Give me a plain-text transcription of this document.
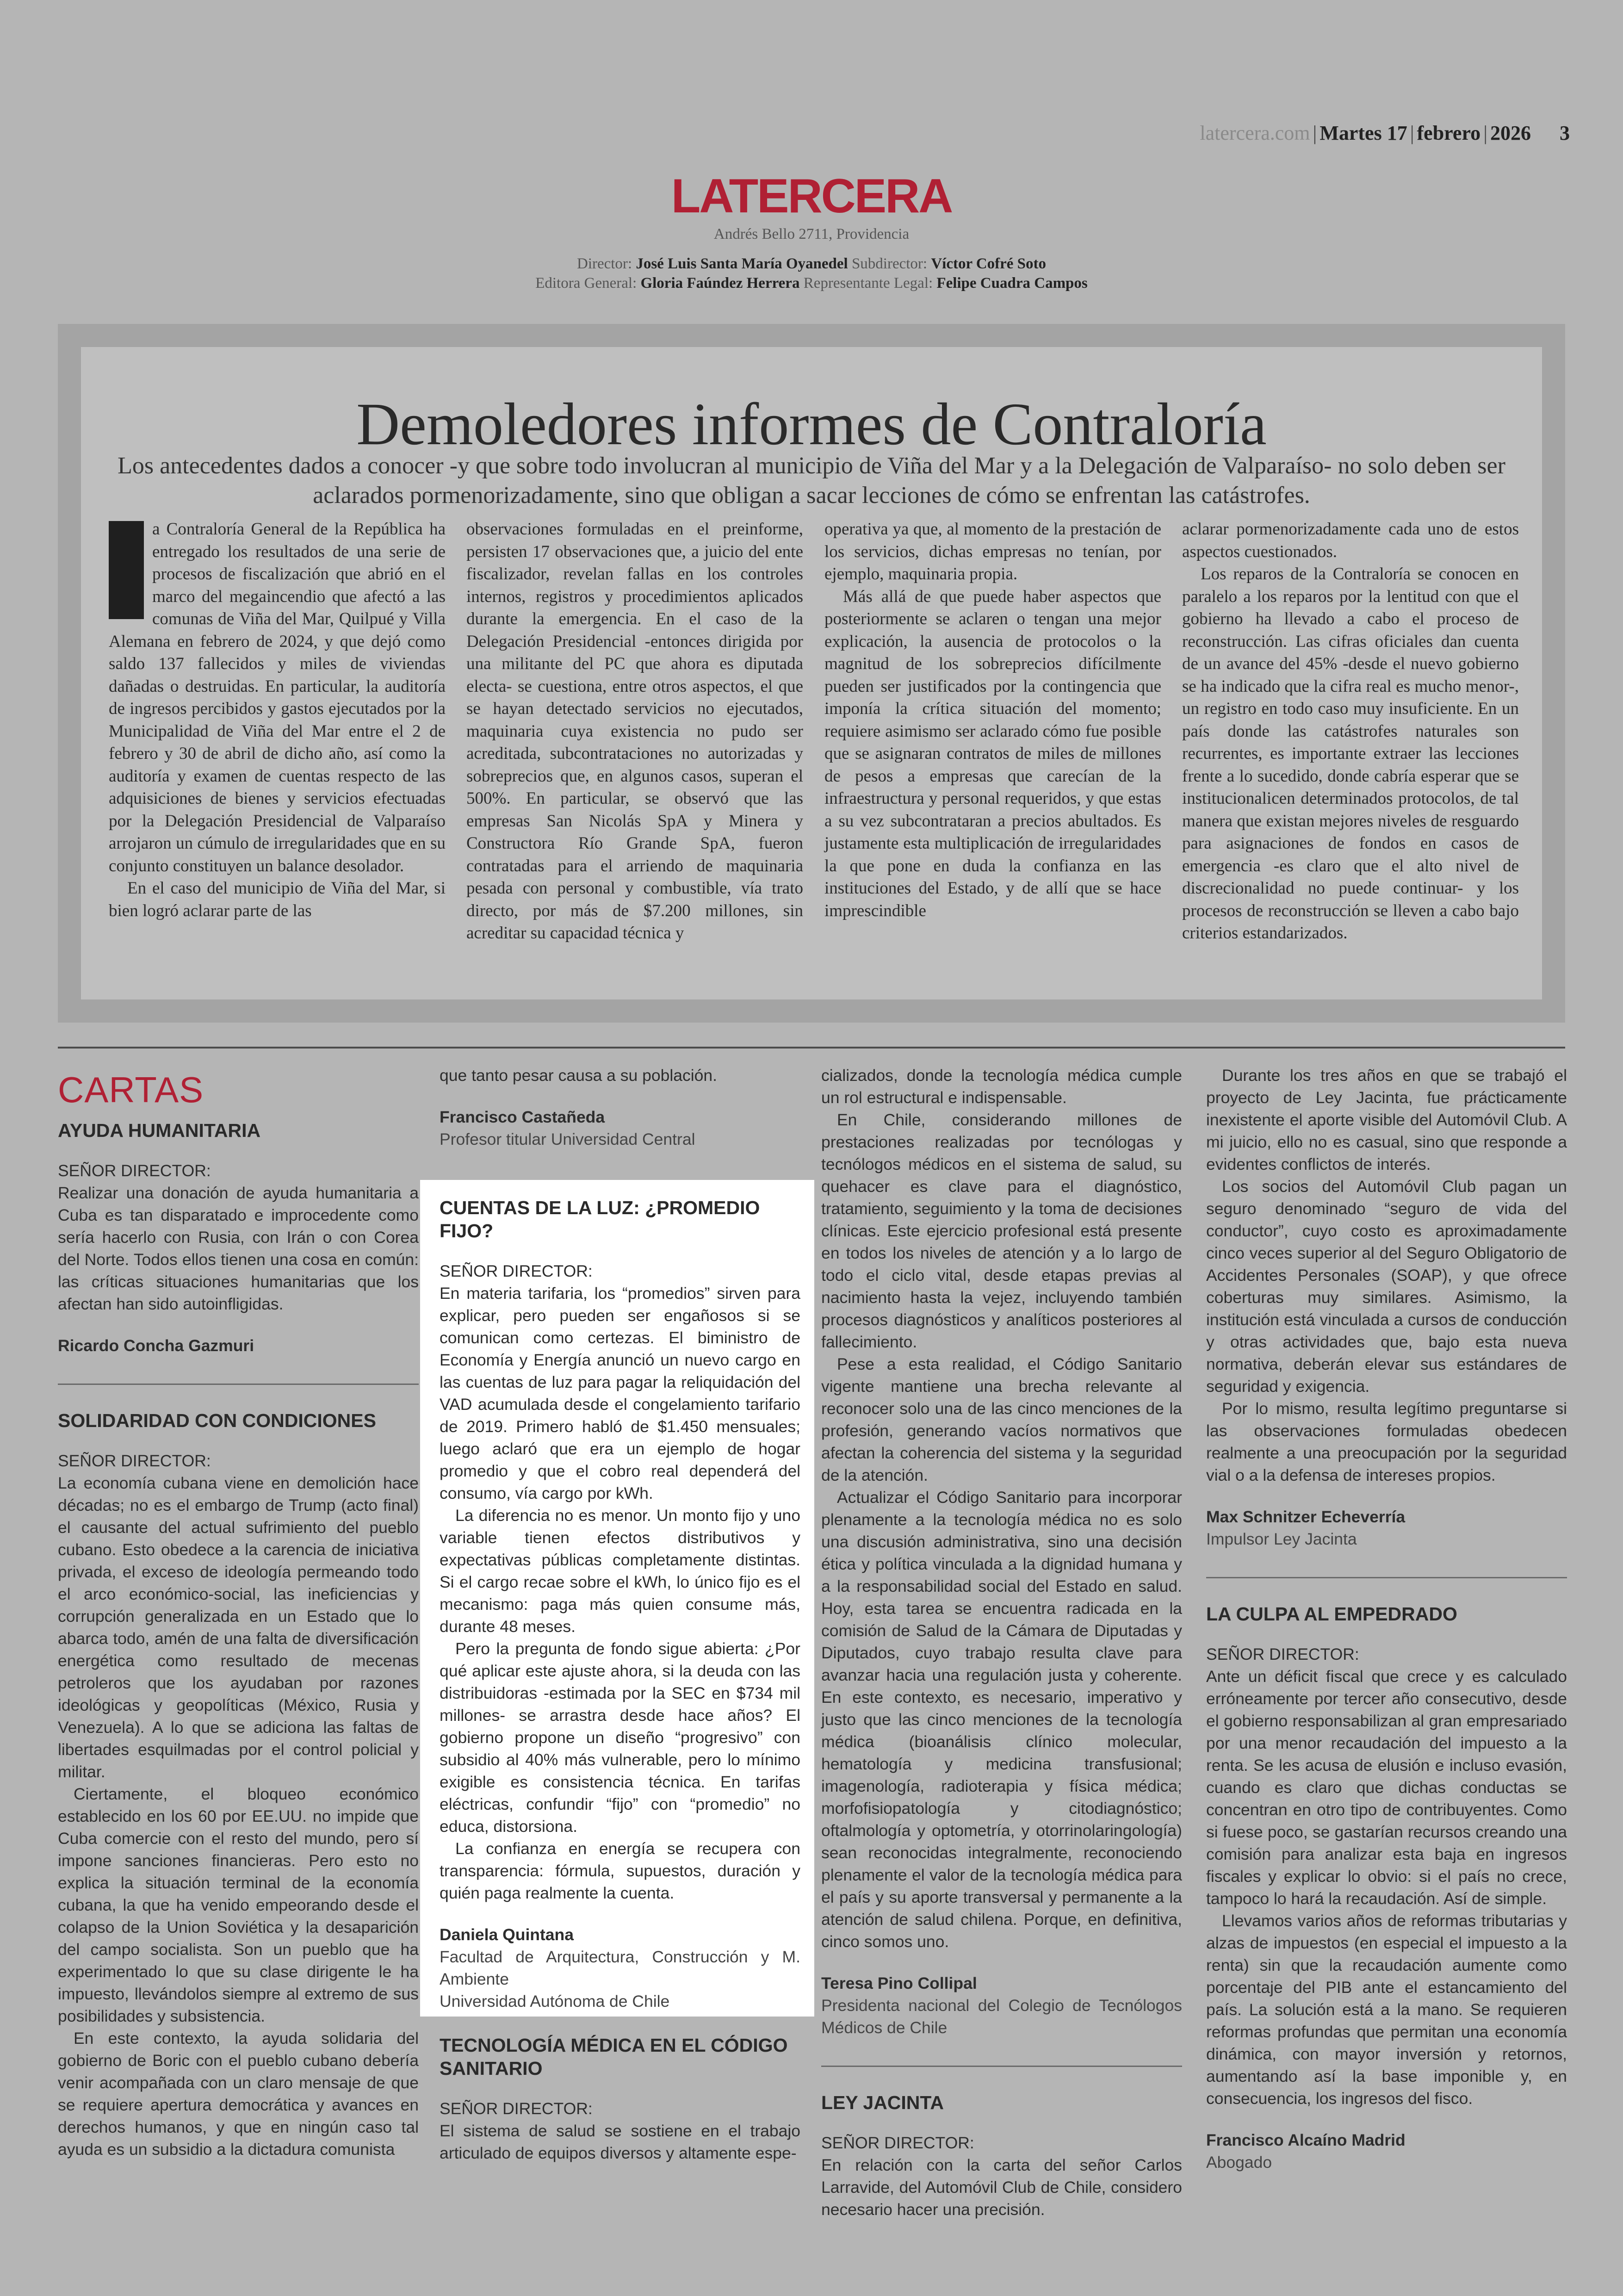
latercera.com | Martes 17 | febrero | 2026 3
LATERCERA
Andrés Bello 2711, Providencia
Director: José Luis Santa María Oyanedel Subdirector: Víctor Cofré Soto
Editora General: Gloria Faúndez Herrera Representante Legal: Felipe Cuadra Campos
Demoledores informes de Contraloría
Los antecedentes dados a conocer -y que sobre todo involucran al municipio de Viña del Mar y a la Delegación de Valparaíso- no solo deben ser aclarados pormenorizadamente, sino que obligan a sacar lecciones de cómo se enfrentan las catástrofes.

a Contraloría General de la República ha entregado los resultados de una serie de procesos de fiscalización que abrió en el marco del megaincendio que afectó a las comunas de Viña del Mar, Quilpué y Villa Alemana en febrero de 2024, y que dejó como saldo 137 fallecidos y miles de viviendas dañadas o destruidas. En particular, la auditoría de ingresos percibidos y gastos ejecutados por la Municipalidad de Viña del Mar entre el 2 de febrero y 30 de abril de dicho año, así como la auditoría y examen de cuentas respecto de las adquisiciones de bienes y servicios efectuadas por la Delegación Presidencial de Valparaíso arrojaron un cúmulo de irregularidades que en su conjunto constituyen un balance desolador.

En el caso del municipio de Viña del Mar, si bien logró aclarar parte de las

observaciones formuladas en el preinforme, persisten 17 observaciones que, a juicio del ente fiscalizador, revelan fallas en los controles internos, registros y procedimientos aplicados durante la emergencia. En el caso de la Delegación Presidencial -entonces dirigida por una militante del PC que ahora es diputada electa- se cuestiona, entre otros aspectos, el que se hayan detectado servicios no ejecutados, maquinaria cuya existencia no pudo ser acreditada, subcontrataciones no autorizadas y sobreprecios que, en algunos casos, superan el 500%. En particular, se observó que las empresas San Nicolás SpA y Minera y Constructora Río Grande SpA, fueron contratadas para el arriendo de maquinaria pesada con personal y combustible, vía trato directo, por más de $7.200 millones, sin acreditar su capacidad técnica y

operativa ya que, al momento de la prestación de los servicios, dichas empresas no tenían, por ejemplo, maquinaria propia.

Más allá de que puede haber aspectos que posteriormente se aclaren o tengan una mejor explicación, la ausencia de protocolos o la magnitud de los sobreprecios difícilmente pueden ser justificados por la contingencia que imponía la crítica situación del momento; requiere asimismo ser aclarado cómo fue posible que se asignaran contratos de miles de millones de pesos a empresas que carecían de la infraestructura y personal requeridos, y que estas a su vez subcontrataran a precios abultados. Es justamente esta multiplicación de irregularidades la que pone en duda la confianza en las instituciones del Estado, y de allí que se hace imprescindible

aclarar pormenorizadamente cada uno de estos aspectos cuestionados.

Los reparos de la Contraloría se conocen en paralelo a los reparos por la lentitud con que el gobierno ha llevado a cabo el proceso de reconstrucción. Las cifras oficiales dan cuenta de un avance del 45% -desde el nuevo gobierno se ha indicado que la cifra real es mucho menor-, un registro en todo caso muy insuficiente. En un país donde las catástrofes naturales son recurrentes, es importante extraer las lecciones frente a lo sucedido, donde cabría esperar que se institucionalicen determinados protocolos, de tal manera que existan mejores niveles de resguardo para asignaciones de fondos en casos de emergencia -es claro que el alto nivel de discrecionalidad no puede continuar- y los procesos de reconstrucción se lleven a cabo bajo criterios estandarizados.

CARTAS
AYUDA HUMANITARIA

SEÑOR DIRECTOR:

Realizar una donación de ayuda humanitaria a Cuba es tan disparatado e improcedente como sería hacerlo con Rusia, con Irán o con Corea del Norte. Todos ellos tienen una cosa en común: las críticas situaciones humanitarias que los afectan han sido autoinfligidas.

Ricardo Concha Gazmuri

SOLIDARIDAD CON CONDICIONES

SEÑOR DIRECTOR:

La economía cubana viene en demolición hace décadas; no es el embargo de Trump (acto final) el causante del actual sufrimiento del pueblo cubano. Esto obedece a la carencia de iniciativa privada, el exceso de ideología permeando todo el arco económico-social, las ineficiencias y corrupción generalizada en un Estado que lo abarca todo, amén de una falta de diversificación energética como resultado de mecenas petroleros que los ayudaban por razones ideológicas y geopolíticas (México, Rusia y Venezuela). A lo que se adiciona las faltas de libertades esquilmadas por el control policial y militar.

Ciertamente, el bloqueo económico establecido en los 60 por EE.UU. no impide que Cuba comercie con el resto del mundo, pero sí impone sanciones financieras. Pero esto no explica la situación terminal de la economía cubana, la que ha venido empeorando desde el colapso de la Union Soviética y la desaparición del campo socialista. Son un pueblo que ha experimentado lo que su clase dirigente le ha impuesto, llevándolos siempre al extremo de sus posibilidades y subsistencia.

En este contexto, la ayuda solidaria del gobierno de Boric con el pueblo cubano debería venir acompañada con un claro mensaje de que se requiere apertura democrática y avances en derechos humanos, y que en ningún caso tal ayuda es un subsidio a la dictadura comunista

que tanto pesar causa a su población.

Francisco Castañeda

Profesor titular Universidad Central

CUENTAS DE LA LUZ: ¿PROMEDIO FIJO?

SEÑOR DIRECTOR:

En materia tarifaria, los “promedios” sirven para explicar, pero pueden ser engañosos si se comunican como certezas. El biministro de Economía y Energía anunció un nuevo cargo en las cuentas de luz para pagar la reliquidación del VAD acumulada desde el congelamiento tarifario de 2019. Primero habló de $1.450 mensuales; luego aclaró que era un ejemplo de hogar promedio y que el cobro real dependerá del consumo, vía cargo por kWh.

La diferencia no es menor. Un monto fijo y uno variable tienen efectos distributivos y expectativas públicas completamente distintas. Si el cargo recae sobre el kWh, lo único fijo es el mecanismo: paga más quien consume más, durante 48 meses.

Pero la pregunta de fondo sigue abierta: ¿Por qué aplicar este ajuste ahora, si la deuda con las distribuidoras -estimada por la SEC en $734 mil millones- se arrastra desde hace años? El gobierno propone un diseño “progresivo” con subsidio al 40% más vulnerable, pero lo mínimo exigible es consistencia técnica. En tarifas eléctricas, confundir “fijo” con “promedio” no educa, distorsiona.

La confianza en energía se recupera con transparencia: fórmula, supuestos, duración y quién paga realmente la cuenta.

Daniela Quintana

Facultad de Arquitectura, Construcción y M. Ambiente

Universidad Autónoma de Chile

TECNOLOGÍA MÉDICA EN EL CÓDIGO SANITARIO

SEÑOR DIRECTOR:

El sistema de salud se sostiene en el trabajo articulado de equipos diversos y altamente espe-

cializados, donde la tecnología médica cumple un rol estructural e indispensable.

En Chile, considerando millones de prestaciones realizadas por tecnólogas y tecnólogos médicos en el sistema de salud, su quehacer es clave para el diagnóstico, tratamiento, seguimiento y la toma de decisiones clínicas. Este ejercicio profesional está presente en todos los niveles de atención y a lo largo de todo el ciclo vital, desde etapas previas al nacimiento hasta la vejez, incluyendo también procesos diagnósticos y analíticos posteriores al fallecimiento.

Pese a esta realidad, el Código Sanitario vigente mantiene una brecha relevante al reconocer solo una de las cinco menciones de la profesión, generando vacíos normativos que afectan la coherencia del sistema y la seguridad de la atención.

Actualizar el Código Sanitario para incorporar plenamente a la tecnología médica no es solo una discusión administrativa, sino una decisión ética y política vinculada a la dignidad humana y a la responsabilidad social del Estado en salud. Hoy, esta tarea se encuentra radicada en la comisión de Salud de la Cámara de Diputadas y Diputados, cuyo trabajo resulta clave para avanzar hacia una regulación justa y coherente. En este contexto, es necesario, imperativo y justo que las cinco menciones de la tecnología médica (bioanálisis clínico molecular, hematología y medicina transfusional; imagenología, radioterapia y física médica; morfofisiopatología y citodiagnóstico; oftalmología y optometría, y otorrinolaringología) sean reconocidas integralmente, reconociendo plenamente el valor de la tecnología médica para el país y su aporte transversal y permanente a la atención de salud chilena. Porque, en definitiva, cinco somos uno.

Teresa Pino Collipal

Presidenta nacional del Colegio de Tecnólogos Médicos de Chile

LEY JACINTA

SEÑOR DIRECTOR:

En relación con la carta del señor Carlos Larravide, del Automóvil Club de Chile, considero necesario hacer una precisión.

Durante los tres años en que se trabajó el proyecto de Ley Jacinta, fue prácticamente inexistente el aporte visible del Automóvil Club. A mi juicio, ello no es casual, sino que responde a evidentes conflictos de interés.

Los socios del Automóvil Club pagan un seguro denominado “seguro de vida del conductor”, cuyo costo es aproximadamente cinco veces superior al del Seguro Obligatorio de Accidentes Personales (SOAP), y que ofrece coberturas muy similares. Asimismo, la institución está vinculada a cursos de conducción y otras actividades que, bajo esta nueva normativa, deberán elevar sus estándares de seguridad y exigencia.

Por lo mismo, resulta legítimo preguntarse si las observaciones formuladas obedecen realmente a una preocupación por la seguridad vial o a la defensa de intereses propios.

Max Schnitzer Echeverría

Impulsor Ley Jacinta

LA CULPA AL EMPEDRADO

SEÑOR DIRECTOR:

Ante un déficit fiscal que crece y es calculado erróneamente por tercer año consecutivo, desde el gobierno responsabilizan al gran empresariado por una menor recaudación del impuesto a la renta. Se les acusa de elusión e incluso evasión, cuando es claro que dichas conductas se concentran en otro tipo de contribuyentes. Como si fuese poco, se gastarían recursos creando una comisión para analizar esta baja en ingresos fiscales y explicar lo obvio: si el país no crece, tampoco lo hará la recaudación. Así de simple.

Llevamos varios años de reformas tributarias y alzas de impuestos (en especial el impuesto a la renta) sin que la recaudación aumente como porcentaje del PIB ante el estancamiento del país. La solución está a la mano. Se requieren reformas profundas que permitan una economía dinámica, con mayor inversión y retornos, aumentando así la base imponible y, en consecuencia, los ingresos del fisco.

Francisco Alcaíno Madrid

Abogado
